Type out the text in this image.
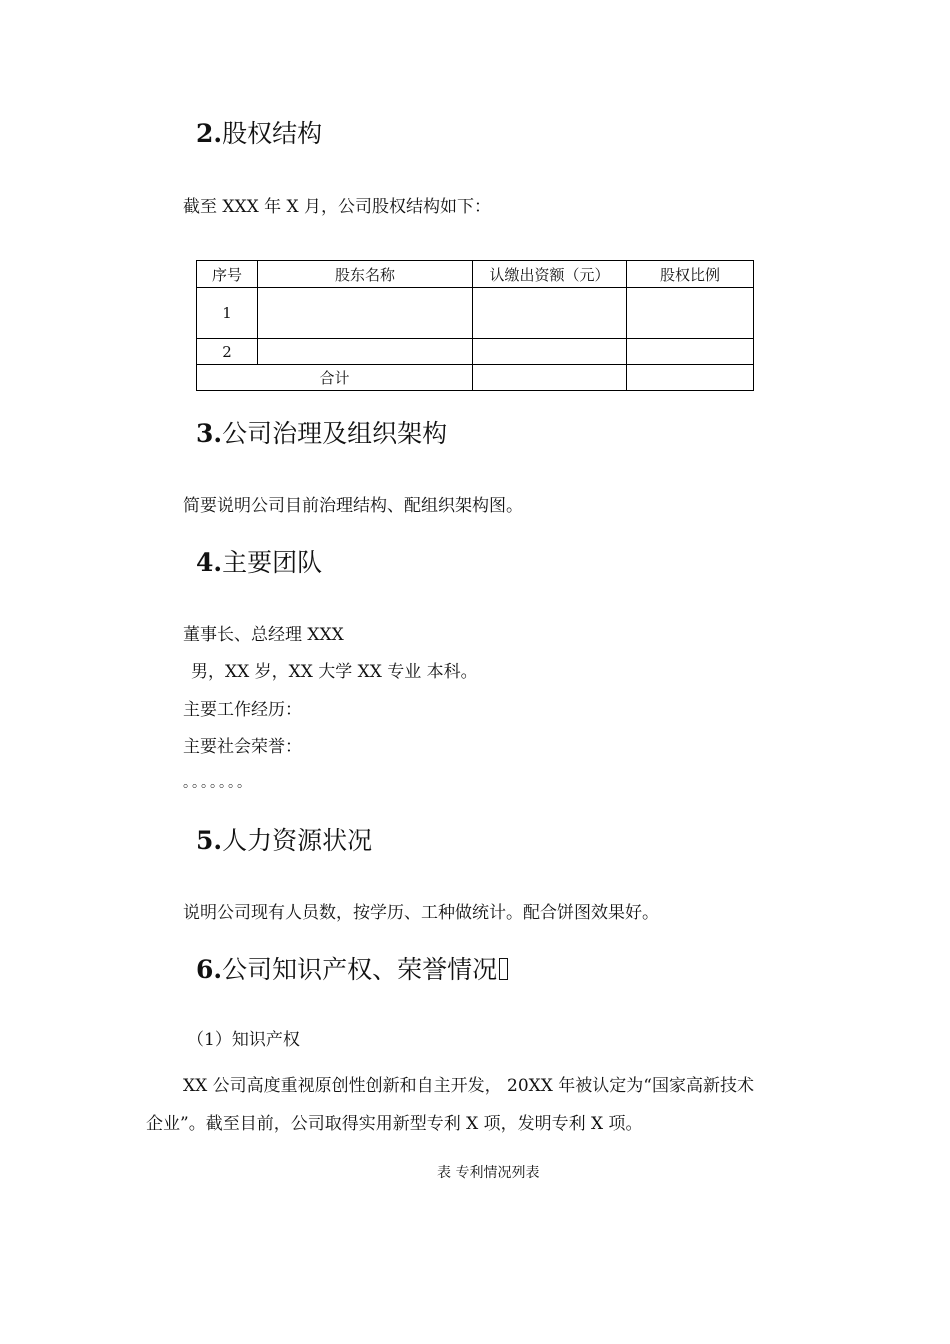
2.股权结构
截至 XXX 年 X 月，公司股权结构如下：
序号	股东名称	认缴出资额（元）	股权比例
1			
2			
合计			
3.公司治理及组织架构
简要说明公司目前治理结构、配组织架构图。
4.主要团队
董事长、总经理 XXX
男，XX 岁，XX 大学 XX 专业 本科。
主要工作经历：
主要社会荣誉：
。。。。。。。
5.人力资源状况
说明公司现有人员数，按学历、工种做统计。配合饼图效果好。
6.公司知识产权、荣誉情况
（1）知识产权
XX 公司高度重视原创性创新和自主开发， 20XX 年被认定为“国家高新技术
企业”。截至目前，公司取得实用新型专利 X 项，发明专利 X 项。
表 专利情况列表
